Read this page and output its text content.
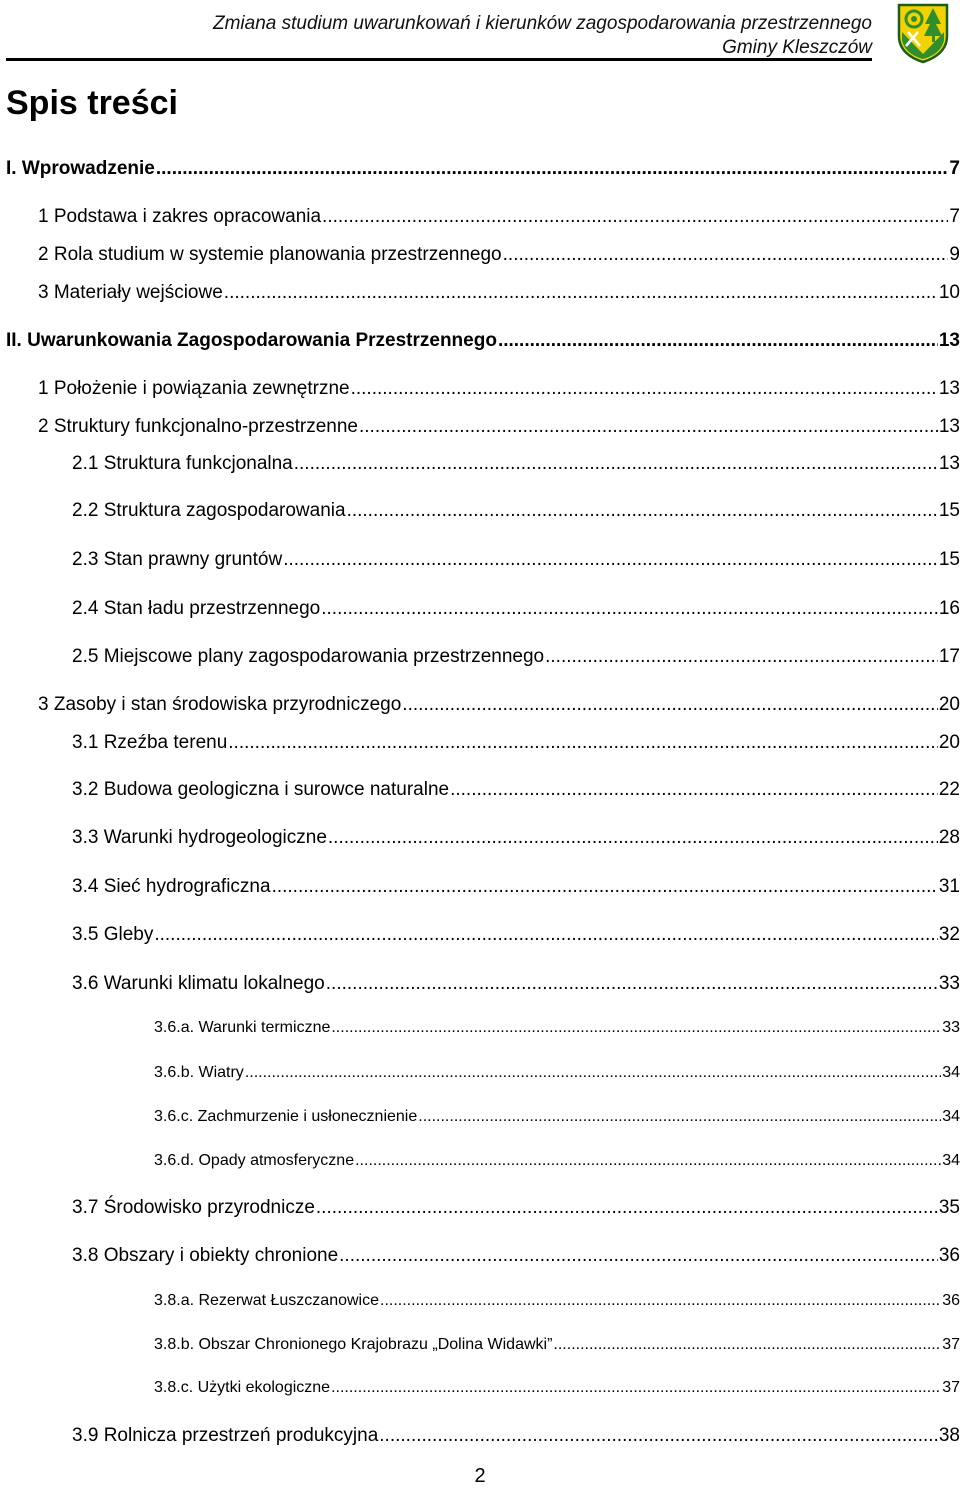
Zmiana studium uwarunkowań i kierunków zagospodarowania przestrzennego
Gminy Kleszczów
Spis treści
I. Wprowadzenie .....	7
1 Podstawa i zakres opracowania .....	7
2 Rola studium w systemie planowania przestrzennego .....	9
3 Materiały wejściowe .....	10
II. Uwarunkowania Zagospodarowania Przestrzennego .....	13
1 Położenie i powiązania zewnętrzne .....	13
2 Struktury funkcjonalno-przestrzenne .....	13
2.1 Struktura funkcjonalna .....	13
2.2 Struktura zagospodarowania .....	15
2.3 Stan prawny gruntów .....	15
2.4 Stan ładu przestrzennego .....	16
2.5 Miejscowe plany zagospodarowania przestrzennego .....	17
3 Zasoby i stan środowiska przyrodniczego .....	20
3.1 Rzeźba terenu .....	20
3.2 Budowa geologiczna i surowce naturalne .....	22
3.3 Warunki hydrogeologiczne .....	28
3.4 Sieć hydrograficzna .....	31
3.5 Gleby .....	32
3.6 Warunki klimatu lokalnego .....	33
3.6.a. Warunki termiczne .....	33
3.6.b. Wiatry .....	34
3.6.c. Zachmurzenie i usłonecznienie .....	34
3.6.d. Opady atmosferyczne .....	34
3.7 Środowisko przyrodnicze .....	35
3.8 Obszary i obiekty chronione .....	36
3.8.a. Rezerwat Łuszczanowice .....	36
3.8.b. Obszar Chronionego Krajobrazu „Dolina Widawki” .....	37
3.8.c. Użytki ekologiczne .....	37
3.9 Rolnicza przestrzeń produkcyjna .....	38
2
